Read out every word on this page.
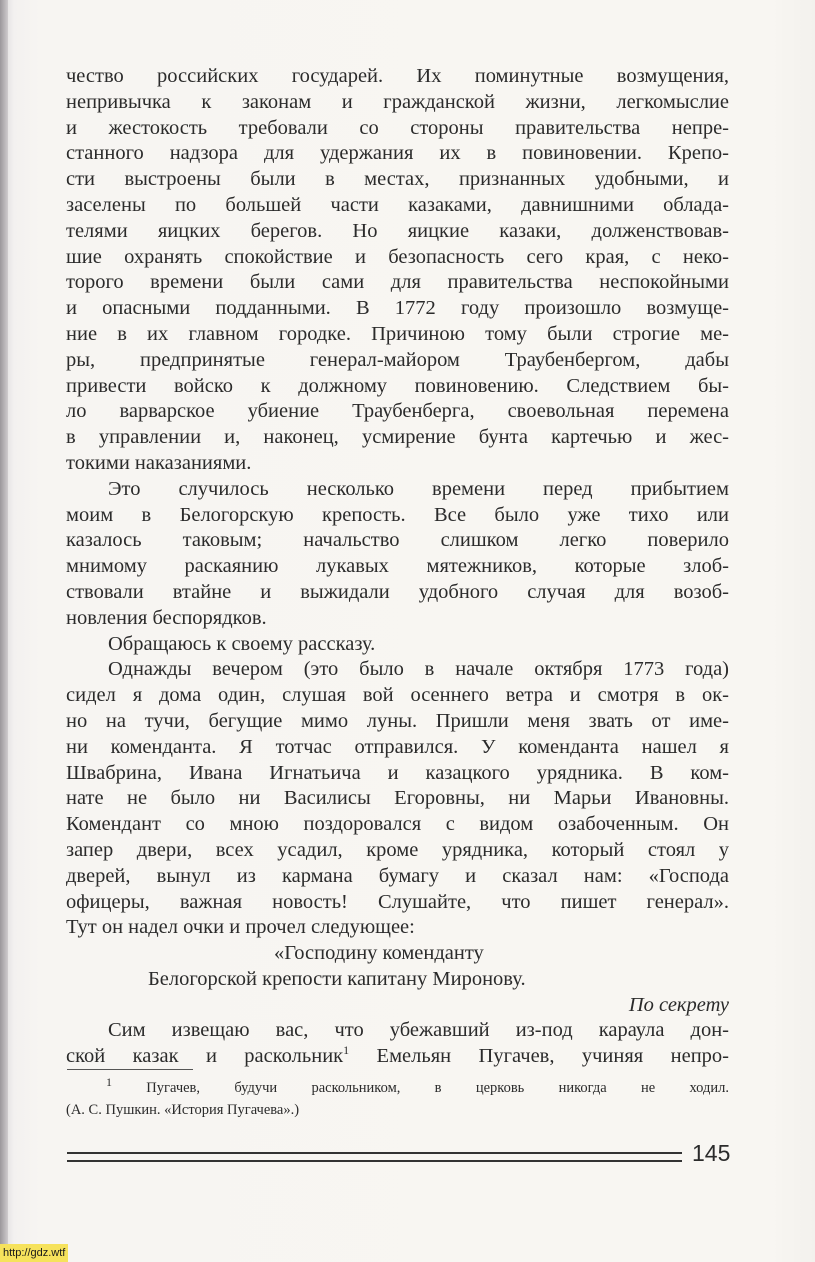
чество российских государей. Их поминутные возмущения,
непривычка к законам и гражданской жизни, легкомыслие
и жестокость требовали со стороны правительства непре-
станного надзора для удержания их в повиновении. Крепо-
сти выстроены были в местах, признанных удобными, и
заселены по большей части казаками, давнишними облада-
телями яицких берегов. Но яицкие казаки, долженствовав-
шие охранять спокойствие и безопасность сего края, с неко-
торого времени были сами для правительства неспокойными
и опасными подданными. В 1772 году произошло возмуще-
ние в их главном городке. Причиною тому были строгие ме-
ры, предпринятые генерал-майором Траубенбергом, дабы
привести войско к должному повиновению. Следствием бы-
ло варварское убиение Траубенберга, своевольная перемена
в управлении и, наконец, усмирение бунта картечью и жес-
токими наказаниями.
Это случилось несколько времени перед прибытием
моим в Белогорскую крепость. Все было уже тихо или
казалось таковым; начальство слишком легко поверило
мнимому раскаянию лукавых мятежников, которые злоб-
ствовали втайне и выжидали удобного случая для возоб-
новления беспорядков.
Обращаюсь к своему рассказу.
Однажды вечером (это было в начале октября 1773 года)
сидел я дома один, слушая вой осеннего ветра и смотря в ок-
но на тучи, бегущие мимо луны. Пришли меня звать от име-
ни коменданта. Я тотчас отправился. У коменданта нашел я
Швабрина, Ивана Игнатьича и казацкого урядника. В ком-
нате не было ни Василисы Егоровны, ни Марьи Ивановны.
Комендант со мною поздоровался с видом озабоченным. Он
запер двери, всех усадил, кроме урядника, который стоял у
дверей, вынул из кармана бумагу и сказал нам: «Господа
офицеры, важная новость! Слушайте, что пишет генерал».
Тут он надел очки и прочел следующее:
«Господину коменданту
Белогорской крепости капитану Миронову.
По секрету
Сим извещаю вас, что убежавший из-под караула дон-
ской казак и раскольник$^1$ Емельян Пугачев, учиняя непро-
$^1$ Пугачев, будучи раскольником, в церковь никогда не ходил.
(А. С. Пушкин. «История Пугачева».)
145
http://gdz.wtf
